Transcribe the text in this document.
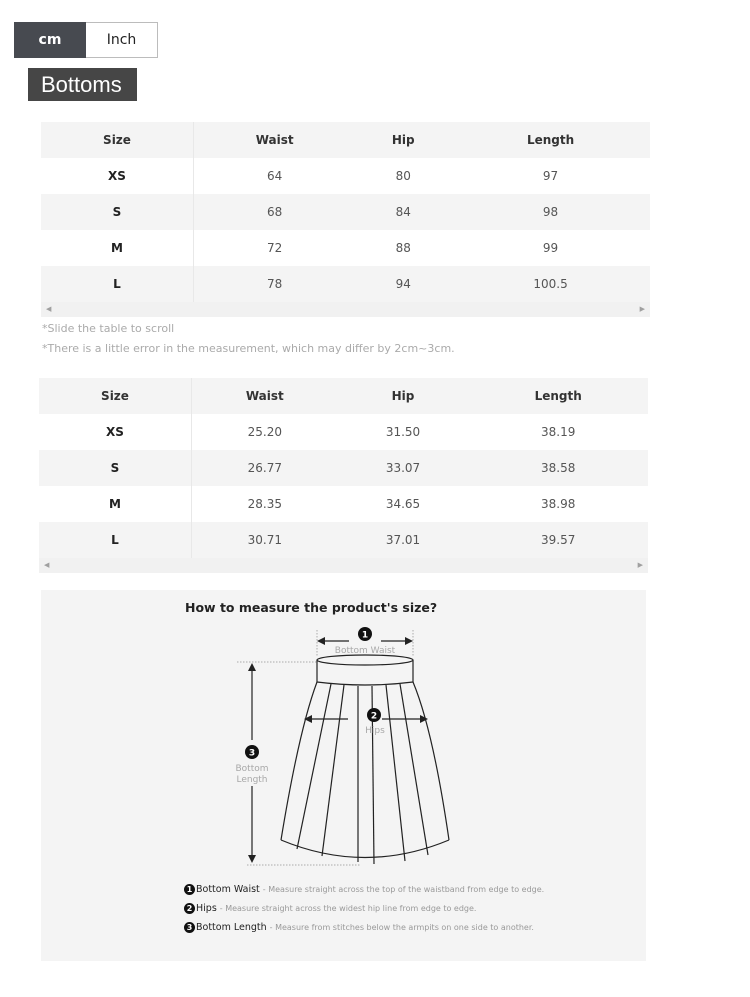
cm	Inch
Bottoms
Size	Waist	Hip	Length
XS	64	80	97
S	68	84	98
M	72	88	99
L	78	94	100.5
◀	▶
*Slide the table to scroll
*There is a little error in the measurement, which may differ by 2cm~3cm.
Size	Waist	Hip	Length
XS	25.20	31.50	38.19
S	26.77	33.07	38.58
M	28.35	34.65	38.98
L	30.71	37.01	39.57
◀	▶
How to measure the product's size?
1
Bottom Waist
2
Hips
3
Bottom
Length
1 Bottom Waist - Measure straight across the top of the waistband from edge to edge.
2 Hips - Measure straight across the widest hip line from edge to edge.
3 Bottom Length - Measure from stitches below the armpits on one side to another.
